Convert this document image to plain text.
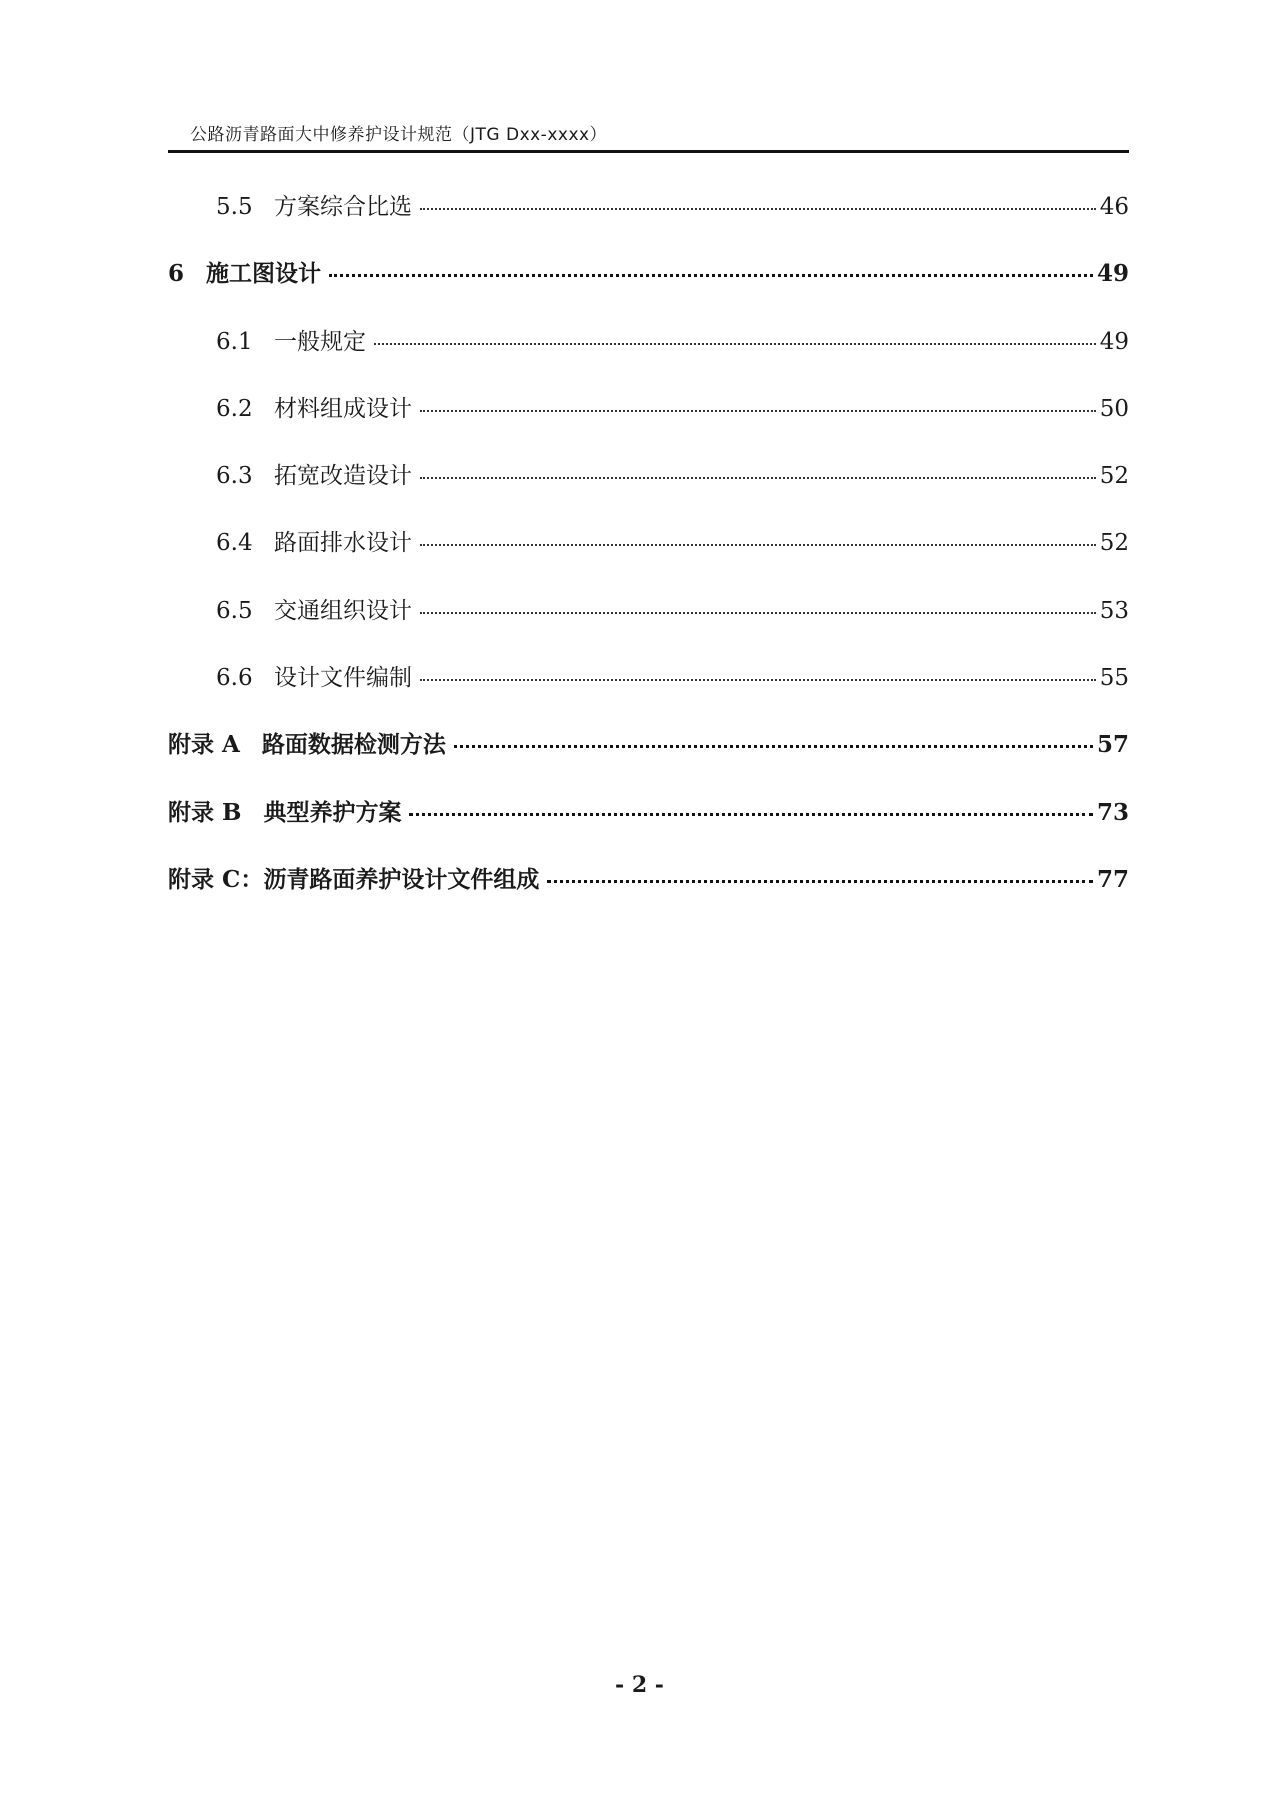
公路沥青路面大中修养护设计规范（JTG Dxx-xxxx）
5.5 方案综合比选	46
6 施工图设计	49
6.1 一般规定	49
6.2 材料组成设计	50
6.3 拓宽改造设计	52
6.4 路面排水设计	52
6.5 交通组织设计	53
6.6 设计文件编制	55
附录 A 路面数据检测方法	57
附录 B 典型养护方案	73
附录 C：沥青路面养护设计文件组成	77
- 2 -
